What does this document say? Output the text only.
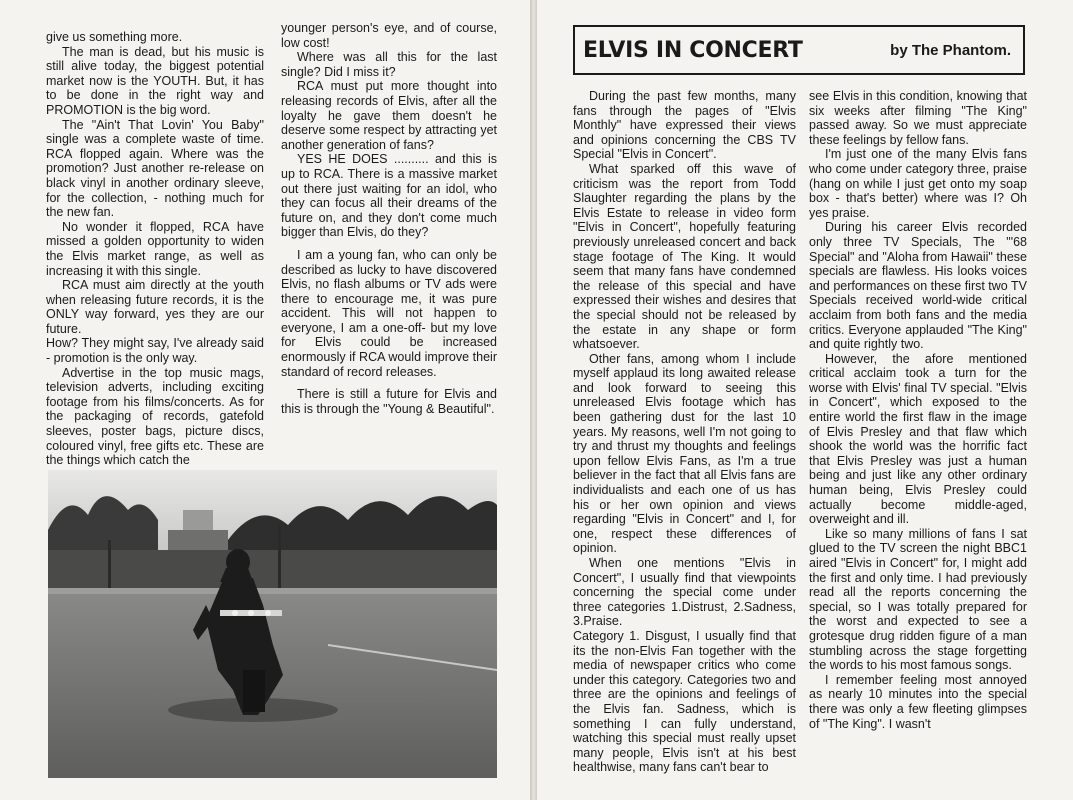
give us something more.

The man is dead, but his music is still alive today, the biggest potential market now is the YOUTH. But, it has to be done in the right way and PROMOTION is the big word.

The "Ain't That Lovin' You Baby" single was a complete waste of time. RCA flopped again. Where was the promotion? Just another re-release on black vinyl in another ordinary sleeve, for the collection, - nothing much for the new fan.

No wonder it flopped, RCA have missed a golden opportunity to widen the Elvis market range, as well as increasing it with this single.

RCA must aim directly at the youth when releasing future records, it is the ONLY way forward, yes they are our future.

How? They might say, I've already said - promotion is the only way.

Advertise in the top music mags, television adverts, including exciting footage from his films/concerts. As for the packaging of records, gatefold sleeves, poster bags, picture discs, coloured vinyl, free gifts etc. These are the things which catch the

younger person's eye, and of course, low cost!

Where was all this for the last single? Did I miss it?

RCA must put more thought into releasing records of Elvis, after all the loyalty he gave them doesn't he deserve some respect by attracting yet another generation of fans?

YES HE DOES .......... and this is up to RCA. There is a massive market out there just waiting for an idol, who they can focus all their dreams of the future on, and they don't come much bigger than Elvis, do they?

I am a young fan, who can only be described as lucky to have discovered Elvis, no flash albums or TV ads were there to encourage me, it was pure accident. This will not happen to everyone, I am a one-off- but my love for Elvis could be increased enormously if RCA would improve their standard of record releases.

There is still a future for Elvis and this is through the "Young & Beautiful".

ELVIS IN CONCERT	by The Phantom.

During the past few months, many fans through the pages of "Elvis Monthly" have expressed their views and opinions concerning the CBS TV Special "Elvis in Concert".

What sparked off this wave of criticism was the report from Todd Slaughter regarding the plans by the Elvis Estate to release in video form "Elvis in Concert", hopefully featuring previously unreleased concert and back stage footage of The King. It would seem that many fans have condemned the release of this special and have expressed their wishes and desires that the special should not be released by the estate in any shape or form whatsoever.

Other fans, among whom I include myself applaud its long awaited release and look forward to seeing this unreleased Elvis footage which has been gathering dust for the last 10 years. My reasons, well I'm not going to try and thrust my thoughts and feelings upon fellow Elvis Fans, as I'm a true believer in the fact that all Elvis fans are individualists and each one of us has his or her own opinion and views regarding "Elvis in Concert" and I, for one, respect these differences of opinion.

When one mentions "Elvis in Concert", I usually find that viewpoints concerning the special come under three categories 1.Distrust, 2.Sadness, 3.Praise.

Category 1. Disgust, I usually find that its the non-Elvis Fan together with the media of newspaper critics who come under this category. Categories two and three are the opinions and feelings of the Elvis fan. Sadness, which is something I can fully understand, watching this special must really upset many people, Elvis isn't at his best healthwise, many fans can't bear to

see Elvis in this condition, knowing that six weeks after filming "The King" passed away. So we must appreciate these feelings by fellow fans.

I'm just one of the many Elvis fans who come under category three, praise (hang on while I just get onto my soap box - that's better) where was I? Oh yes praise.

During his career Elvis recorded only three TV Specials, The "'68 Special" and "Aloha from Hawaii" these specials are flawless. His looks voices and performances on these first two TV Specials received world-wide critical acclaim from both fans and the media critics. Everyone applauded "The King" and quite rightly two.

However, the afore mentioned critical acclaim took a turn for the worse with Elvis' final TV special. "Elvis in Concert", which exposed to the entire world the first flaw in the image of Elvis Presley and that flaw which shook the world was the horrific fact that Elvis Presley was just a human being and just like any other ordinary human being, Elvis Presley could actually become middle-aged, overweight and ill.

Like so many millions of fans I sat glued to the TV screen the night BBC1 aired "Elvis in Concert" for, I might add the first and only time. I had previously read all the reports concerning the special, so I was totally prepared for the worst and expected to see a grotesque drug ridden figure of a man stumbling across the stage forgetting the words to his most famous songs.

I remember feeling most annoyed as nearly 10 minutes into the special there was only a few fleeting glimpses of "The King". I wasn't
